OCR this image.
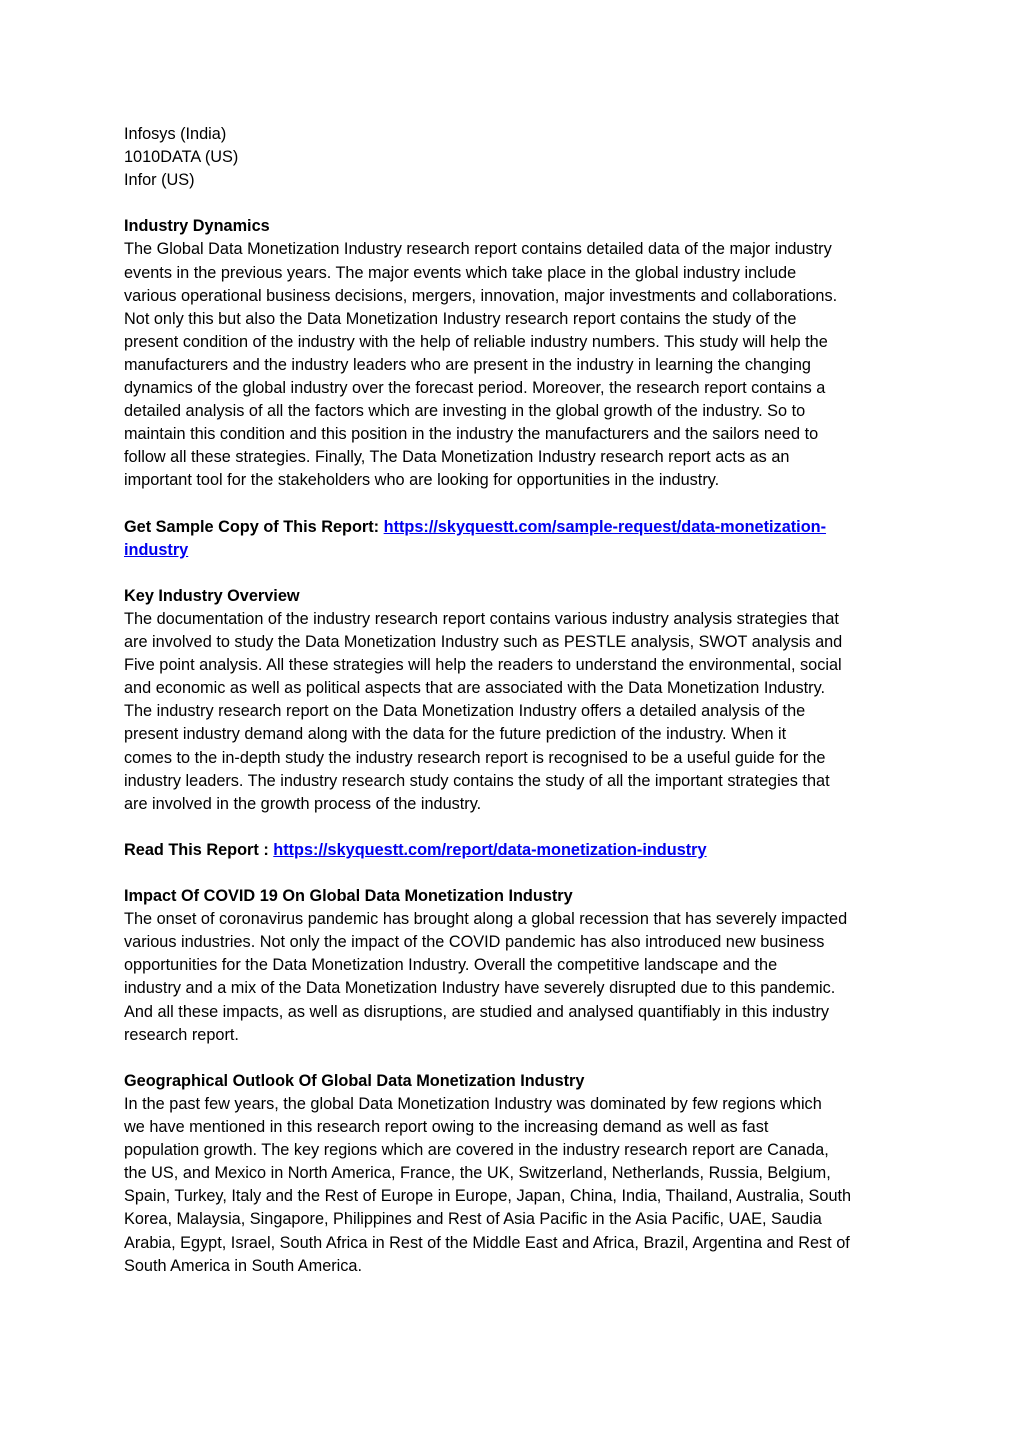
Infosys (India)
1010DATA (US)
Infor (US)
Industry Dynamics
The Global Data Monetization Industry research report contains detailed data of the major industry
events in the previous years. The major events which take place in the global industry include
various operational business decisions, mergers, innovation, major investments and collaborations.
Not only this but also the Data Monetization Industry research report contains the study of the
present condition of the industry with the help of reliable industry numbers. This study will help the
manufacturers and the industry leaders who are present in the industry in learning the changing
dynamics of the global industry over the forecast period. Moreover, the research report contains a
detailed analysis of all the factors which are investing in the global growth of the industry. So to
maintain this condition and this position in the industry the manufacturers and the sailors need to
follow all these strategies. Finally, The Data Monetization Industry research report acts as an
important tool for the stakeholders who are looking for opportunities in the industry.
Get Sample Copy of This Report: https://skyquestt.com/sample-request/data-monetization-
industry
Key Industry Overview
The documentation of the industry research report contains various industry analysis strategies that
are involved to study the Data Monetization Industry such as PESTLE analysis, SWOT analysis and
Five point analysis. All these strategies will help the readers to understand the environmental, social
and economic as well as political aspects that are associated with the Data Monetization Industry.
The industry research report on the Data Monetization Industry offers a detailed analysis of the
present industry demand along with the data for the future prediction of the industry. When it
comes to the in-depth study the industry research report is recognised to be a useful guide for the
industry leaders. The industry research study contains the study of all the important strategies that
are involved in the growth process of the industry.
Read This Report : https://skyquestt.com/report/data-monetization-industry
Impact Of COVID 19 On Global Data Monetization Industry
The onset of coronavirus pandemic has brought along a global recession that has severely impacted
various industries. Not only the impact of the COVID pandemic has also introduced new business
opportunities for the Data Monetization Industry. Overall the competitive landscape and the
industry and a mix of the Data Monetization Industry have severely disrupted due to this pandemic.
And all these impacts, as well as disruptions, are studied and analysed quantifiably in this industry
research report.
Geographical Outlook Of Global Data Monetization Industry
In the past few years, the global Data Monetization Industry was dominated by few regions which
we have mentioned in this research report owing to the increasing demand as well as fast
population growth. The key regions which are covered in the industry research report are Canada,
the US, and Mexico in North America, France, the UK, Switzerland, Netherlands, Russia, Belgium,
Spain, Turkey, Italy and the Rest of Europe in Europe, Japan, China, India, Thailand, Australia, South
Korea, Malaysia, Singapore, Philippines and Rest of Asia Pacific in the Asia Pacific, UAE, Saudia
Arabia, Egypt, Israel, South Africa in Rest of the Middle East and Africa, Brazil, Argentina and Rest of
South America in South America.
